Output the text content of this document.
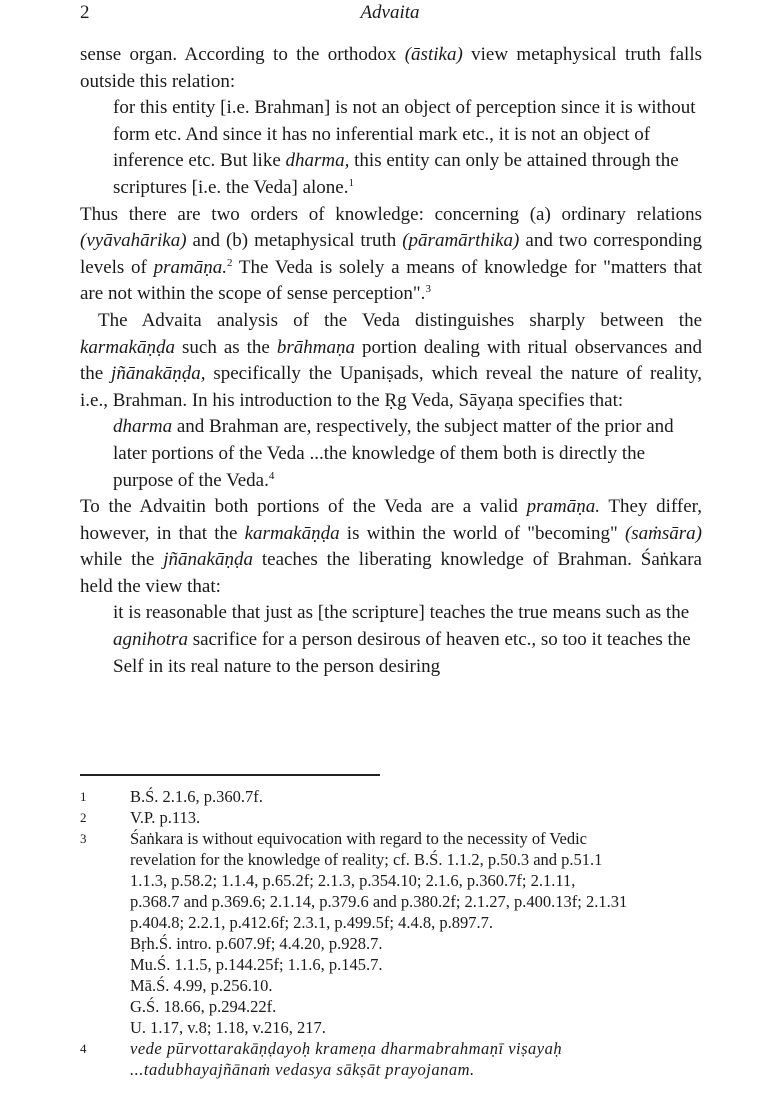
2	Advaita

sense organ. According to the orthodox (āstika) view metaphysical truth falls outside this relation:

for this entity [i.e. Brahman] is not an object of perception since it is without form etc. And since it has no inferential mark etc., it is not an object of inference etc. But like dharma, this entity can only be attained through the scriptures [i.e. the Veda] alone.$^1$

Thus there are two orders of knowledge: concerning (a) ordinary relations (vyāvahārika) and (b) metaphysical truth (pāramārthika) and two corresponding levels of pramāṇa.$^2$ The Veda is solely a means of knowledge for "matters that are not within the scope of sense perception".$^3$

The Advaita analysis of the Veda distinguishes sharply between the karmakāṇḍa such as the brāhmaṇa portion dealing with ritual observances and the jñānakāṇḍa, specifically the Upaniṣads, which reveal the nature of reality, i.e., Brahman. In his introduction to the Ṛg Veda, Sāyaṇa specifies that:

dharma and Brahman are, respectively, the subject matter of the prior and later portions of the Veda ...the knowledge of them both is directly the purpose of the Veda.$^4$

To the Advaitin both portions of the Veda are a valid pramāṇa. They differ, however, in that the karmakāṇḍa is within the world of "becoming" (saṁsāra) while the jñānakāṇḍa teaches the liberating knowledge of Brahman. Śaṅkara held the view that:

it is reasonable that just as [the scripture] teaches the true means such as the agnihotra sacrifice for a person desirous of heaven etc., so too it teaches the Self in its real nature to the person desiring

1	B.Ś. 2.1.6, p.360.7f.
2	V.P. p.113.
3	Śaṅkara is without equivocation with regard to the necessity of Vedic
revelation for the knowledge of reality; cf. B.Ś. 1.1.2, p.50.3 and p.51.1
1.1.3, p.58.2; 1.1.4, p.65.2f; 2.1.3, p.354.10; 2.1.6, p.360.7f; 2.1.11,
p.368.7 and p.369.6; 2.1.14, p.379.6 and p.380.2f; 2.1.27, p.400.13f; 2.1.31
p.404.8; 2.2.1, p.412.6f; 2.3.1, p.499.5f; 4.4.8, p.897.7.
Bṛh.Ś. intro. p.607.9f; 4.4.20, p.928.7.
Mu.Ś. 1.1.5, p.144.25f; 1.1.6, p.145.7.
Mā.Ś. 4.99, p.256.10.
G.Ś. 18.66, p.294.22f.
U. 1.17, v.8; 1.18, v.216, 217.
4	vede pūrvottarakāṇḍayoḥ krameṇa dharmabrahmaṇī viṣayaḥ
...tadubhayajñānaṁ vedasya sākṣāt prayojanam.
